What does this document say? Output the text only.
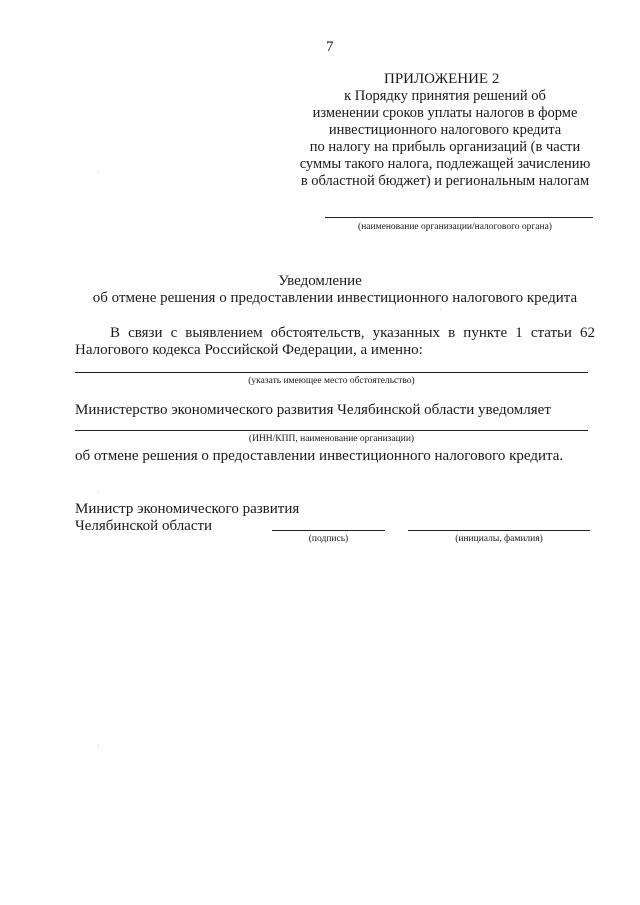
7
ПРИЛОЖЕНИЕ 2
к Порядку принятия решений об
изменении сроков уплаты налогов в форме
инвестиционного налогового кредита
по налогу на прибыль организаций (в части
суммы такого налога, подлежащей зачислению
в областной бюджет) и региональным налогам
(наименование организации/налогового органа)
Уведомление
об отмене решения о предоставлении инвестиционного налогового кредита
В связи с выявлением обстоятельств, указанных в пункте 1 статьи 62
Налогового кодекса Российской Федерации, а именно:
(указать имеющее место обстоятельство)
Министерство экономического развития Челябинской области уведомляет
(ИНН/КПП, наименование организации)
об отмене решения о предоставлении инвестиционного налогового кредита.
Министр экономического развития
Челябинской области
(подпись)	(инициалы, фамилия)
